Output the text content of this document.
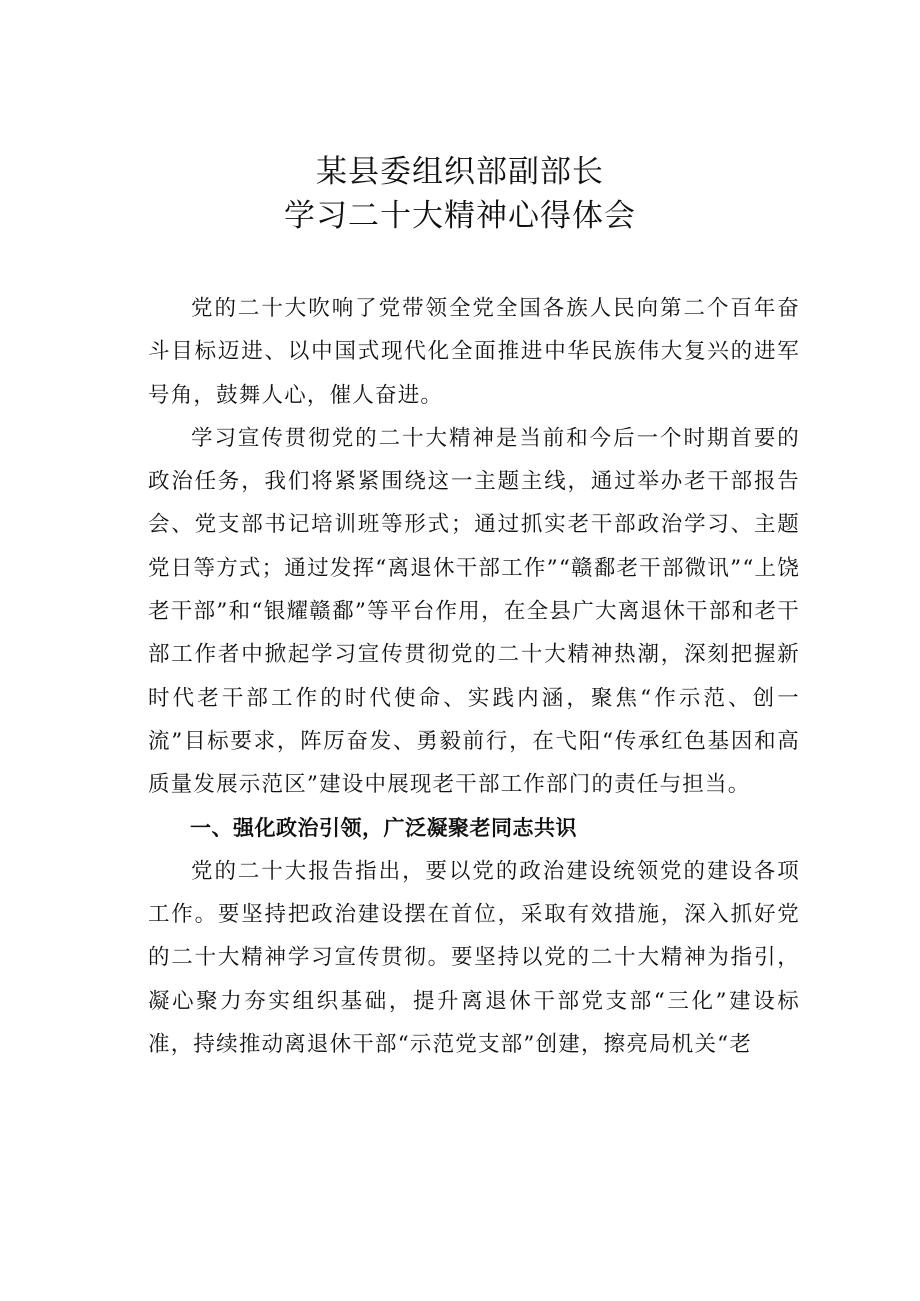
某县委组织部副部长
学习二十大精神心得体会

党的二十大吹响了党带领全党全国各族人民向第二个百年奋斗目标迈进、以中国式现代化全面推进中华民族伟大复兴的进军号角，鼓舞人心，催人奋进。

学习宣传贯彻党的二十大精神是当前和今后一个时期首要的政治任务，我们将紧紧围绕这一主题主线，通过举办老干部报告会、党支部书记培训班等形式；通过抓实老干部政治学习、主题党日等方式；通过发挥“离退休干部工作”“赣鄱老干部微讯”“上饶老干部”和“银耀赣鄱”等平台作用，在全县广大离退休干部和老干部工作者中掀起学习宣传贯彻党的二十大精神热潮，深刻把握新时代老干部工作的时代使命、实践内涵，聚焦“作示范、创一流”目标要求，阵厉奋发、勇毅前行，在弋阳“传承红色基因和高质量发展示范区”建设中展现老干部工作部门的责任与担当。

一、强化政治引领，广泛凝聚老同志共识

党的二十大报告指出，要以党的政治建设统领党的建设各项工作。要坚持把政治建设摆在首位，采取有效措施，深入抓好党的二十大精神学习宣传贯彻。要坚持以党的二十大精神为指引，凝心聚力夯实组织基础，提升离退休干部党支部“三化”建设标准，持续推动离退休干部“示范党支部”创建，擦亮局机关“老
